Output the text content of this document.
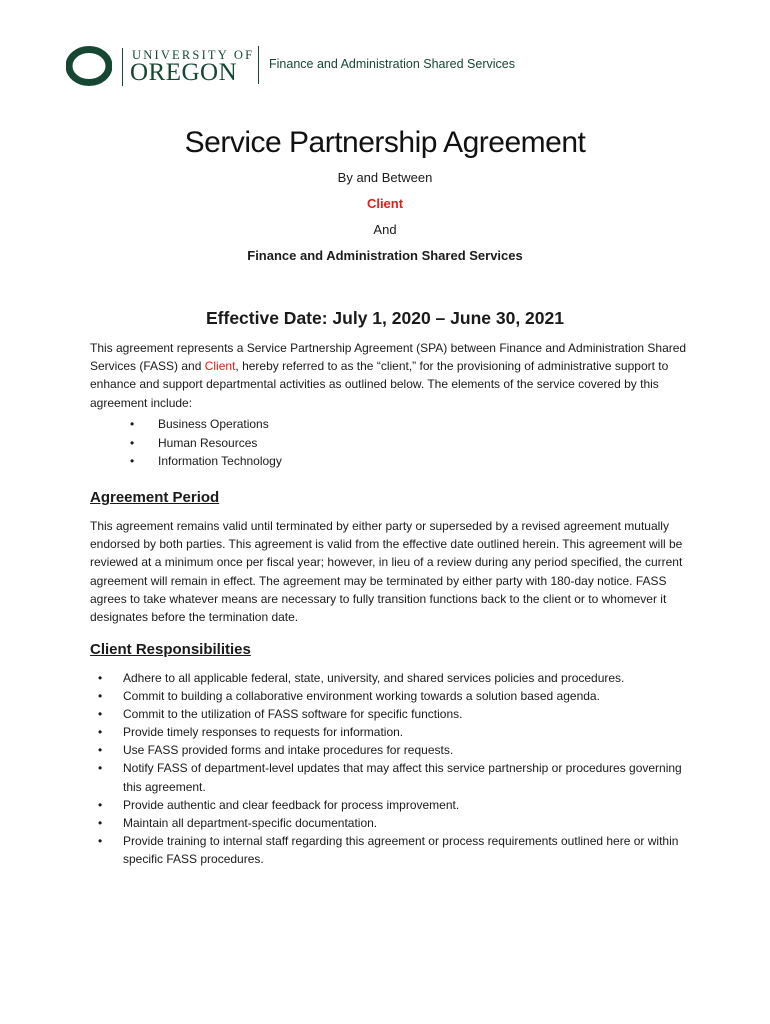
UNIVERSITY OF
OREGON	Finance and Administration Shared Services
Service Partnership Agreement
By and Between
Client
And
Finance and Administration Shared Services
Effective Date: July 1, 2020 – June 30, 2021

This agreement represents a Service Partnership Agreement (SPA) between Finance and Administration Shared Services (FASS) and Client, hereby referred to as the “client,” for the provisioning of administrative support to enhance and support departmental activities as outlined below. The elements of the service covered by this agreement include:

• Business Operations
• Human Resources
• Information Technology
Agreement Period

This agreement remains valid until terminated by either party or superseded by a revised agreement mutually endorsed by both parties. This agreement is valid from the effective date outlined herein. This agreement will be reviewed at a minimum once per fiscal year; however, in lieu of a review during any period specified, the current agreement will remain in effect. The agreement may be terminated by either party with 180-day notice. FASS agrees to take whatever means are necessary to fully transition functions back to the client or to whomever it designates before the termination date.

Client Responsibilities
• Adhere to all applicable federal, state, university, and shared services policies and procedures.
• Commit to building a collaborative environment working towards a solution based agenda.
• Commit to the utilization of FASS software for specific functions.
• Provide timely responses to requests for information.
• Use FASS provided forms and intake procedures for requests.
• Notify FASS of department-level updates that may affect this service partnership or procedures governing this agreement.
• Provide authentic and clear feedback for process improvement.
• Maintain all department-specific documentation.
• Provide training to internal staff regarding this agreement or process requirements outlined here or within specific FASS procedures.
